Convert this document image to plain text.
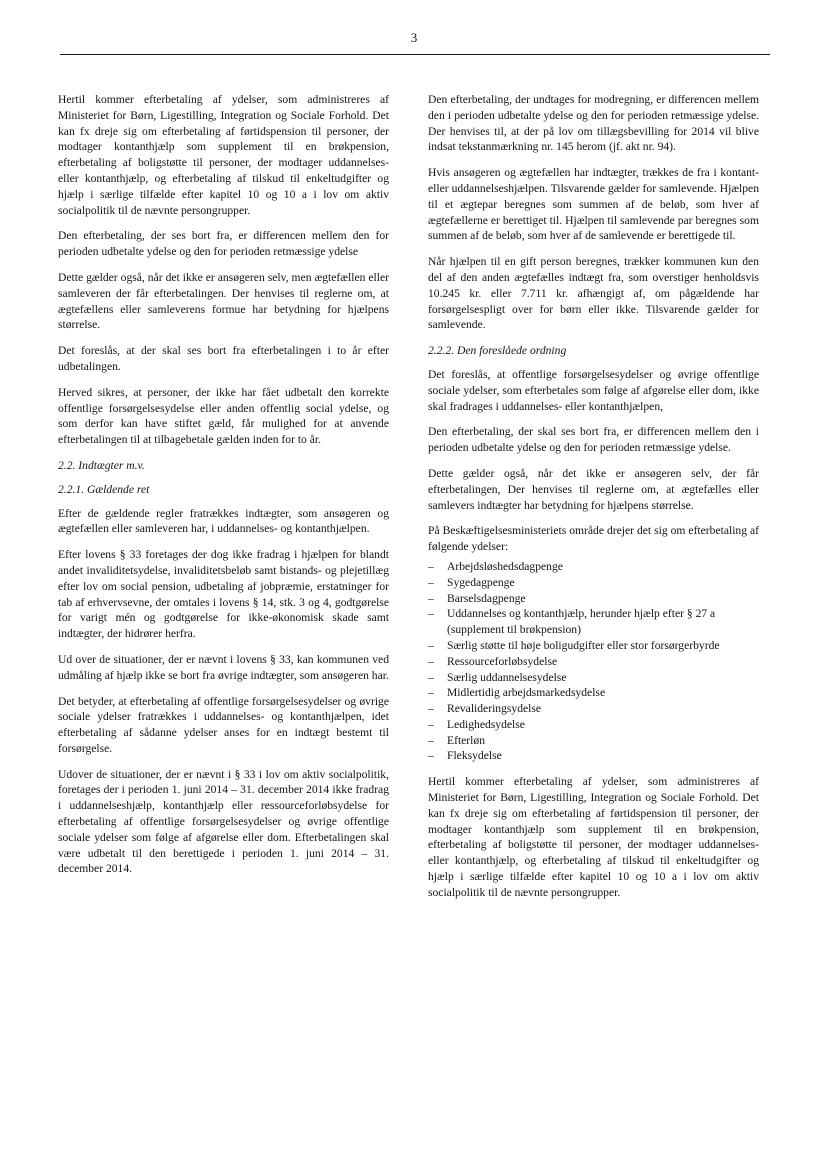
3

Hertil kommer efterbetaling af ydelser, som administreres af Ministeriet for Børn, Ligestilling, Integration og Sociale Forhold. Det kan fx dreje sig om efterbetaling af førtidspension til personer, der modtager kontanthjælp som supplement til en brøkpension, efterbetaling af boligstøtte til personer, der modtager uddannelses- eller kontanthjælp, og efterbetaling af tilskud til enkeltudgifter og hjælp i særlige tilfælde efter kapitel 10 og 10 a i lov om aktiv socialpolitik til de nævnte persongrupper.

Den efterbetaling, der ses bort fra, er differencen mellem den for perioden udbetalte ydelse og den for perioden retmæssige ydelse

Dette gælder også, når det ikke er ansøgeren selv, men ægtefællen eller samleveren der får efterbetalingen. Der henvises til reglerne om, at ægtefællens eller samleverens formue har betydning for hjælpens størrelse.

Det foreslås, at der skal ses bort fra efterbetalingen i to år efter udbetalingen.

Herved sikres, at personer, der ikke har fået udbetalt den korrekte offentlige forsørgelsesydelse eller anden offentlig social ydelse, og som derfor kan have stiftet gæld, får mulighed for at anvende efterbetalingen til at tilbagebetale gælden inden for to år.

2.2. Indtægter m.v.
2.2.1. Gældende ret

Efter de gældende regler fratrækkes indtægter, som ansøgeren og ægtefællen eller samleveren har, i uddannelses- og kontanthjælpen.

Efter lovens § 33 foretages der dog ikke fradrag i hjælpen for blandt andet invaliditetsydelse, invaliditetsbeløb samt bistands- og plejetillæg efter lov om social pension, udbetaling af jobpræmie, erstatninger for tab af erhvervsevne, der omtales i lovens § 14, stk. 3 og 4, godtgørelse for varigt mén og godtgørelse for ikke-økonomisk skade samt indtægter, der hidrører herfra.

Ud over de situationer, der er nævnt i lovens § 33, kan kommunen ved udmåling af hjælp ikke se bort fra øvrige indtægter, som ansøgeren har.

Det betyder, at efterbetaling af offentlige forsørgelsesydelser og øvrige sociale ydelser fratrækkes i uddannelses- og kontanthjælpen, idet efterbetaling af sådanne ydelser anses for en indtægt bestemt til forsørgelse.

Udover de situationer, der er nævnt i § 33 i lov om aktiv socialpolitik, foretages der i perioden 1. juni 2014 – 31. december 2014 ikke fradrag i uddannelseshjælp, kontanthjælp eller ressourceforløbsydelse for efterbetaling af offentlige forsørgelsesydelser og øvrige offentlige sociale ydelser som følge af afgørelse eller dom. Efterbetalingen skal være udbetalt til den berettigede i perioden 1. juni 2014 – 31. december 2014.

Den efterbetaling, der undtages for modregning, er differencen mellem den i perioden udbetalte ydelse og den for perioden retmæssige ydelse. Der henvises til, at der på lov om tillægsbevilling for 2014 vil blive indsat tekstanmærkning nr. 145 herom (jf. akt nr. 94).

Hvis ansøgeren og ægtefællen har indtægter, trækkes de fra i kontant- eller uddannelseshjælpen. Tilsvarende gælder for samlevende. Hjælpen til et ægtepar beregnes som summen af de beløb, som hver af ægtefællerne er berettiget til. Hjælpen til samlevende par beregnes som summen af de beløb, som hver af de samlevende er berettigede til.

Når hjælpen til en gift person beregnes, trækker kommunen kun den del af den anden ægtefælles indtægt fra, som overstiger henholdsvis 10.245 kr. eller 7.711 kr. afhængigt af, om pågældende har forsørgelsespligt over for børn eller ikke. Tilsvarende gælder for samlevende.

2.2.2. Den foreslåede ordning

Det foreslås, at offentlige forsørgelsesydelser og øvrige offentlige sociale ydelser, som efterbetales som følge af afgørelse eller dom, ikke skal fradrages i uddannelses- eller kontanthjælpen,

Den efterbetaling, der skal ses bort fra, er differencen mellem den i perioden udbetalte ydelse og den for perioden retmæssige ydelse.

Dette gælder også, når det ikke er ansøgeren selv, der får efterbetalingen, Der henvises til reglerne om, at ægtefælles eller samlevers indtægter har betydning for hjælpens størrelse.

På Beskæftigelsesministeriets område drejer det sig om efterbetaling af følgende ydelser:

– Arbejdsløshedsdagpenge
– Sygedagpenge
– Barselsdagpenge
– Uddannelses og kontanthjælp, herunder hjælp efter § 27 a (supplement til brøkpension)
– Særlig støtte til høje boligudgifter eller stor forsørgerbyrde
– Ressourceforløbsydelse
– Særlig uddannelsesydelse
– Midlertidig arbejdsmarkedsydelse
– Revalideringsydelse
– Ledighedsydelse
– Efterløn
– Fleksydelse

Hertil kommer efterbetaling af ydelser, som administreres af Ministeriet for Børn, Ligestilling, Integration og Sociale Forhold. Det kan fx dreje sig om efterbetaling af førtidspension til personer, der modtager kontanthjælp som supplement til en brøkpension, efterbetaling af boligstøtte til personer, der modtager uddannelses- eller kontanthjælp, og efterbetaling af tilskud til enkeltudgifter og hjælp i særlige tilfælde efter kapitel 10 og 10 a i lov om aktiv socialpolitik til de nævnte persongrupper.
